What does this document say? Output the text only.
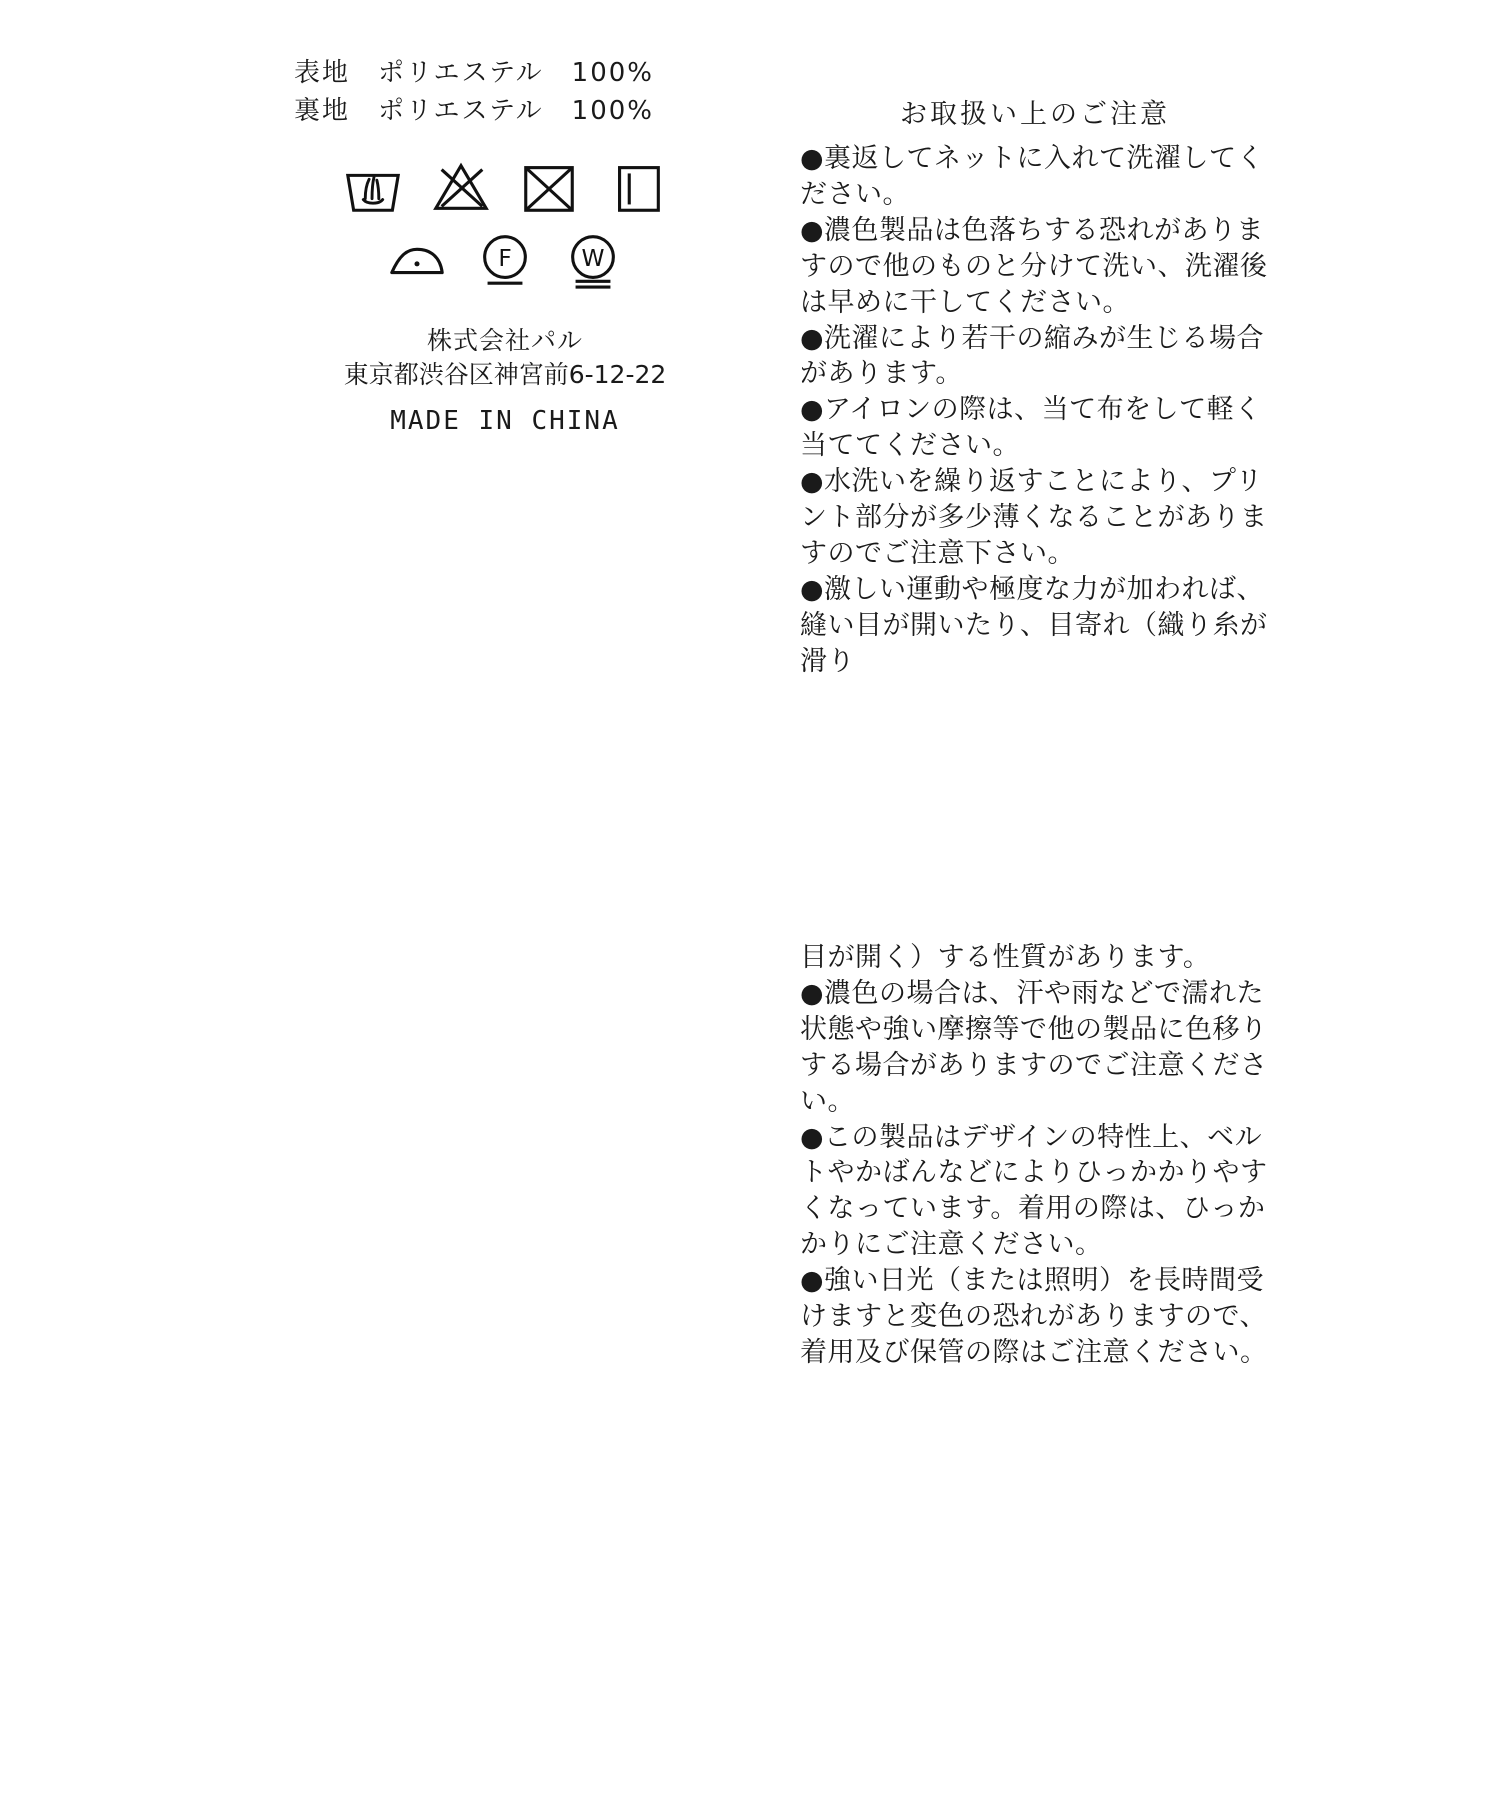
表地　ポリエステル　100%
裏地　ポリエステル　100%
F	W
株式会社パル
東京都渋谷区神宮前6-12-22
MADE IN CHINA
お取扱い上のご注意

●裏返してネットに入れて洗濯してください。

●濃色製品は色落ちする恐れがありますので他のものと分けて洗い、洗濯後は早めに干してください。

●洗濯により若干の縮みが生じる場合があります。

●アイロンの際は、当て布をして軽く当ててください。

●水洗いを繰り返すことにより、プリント部分が多少薄くなることがありますのでご注意下さい。

●激しい運動や極度な力が加われば、縫い目が開いたり、目寄れ（織り糸が滑り

目が開く）する性質があります。

●濃色の場合は、汗や雨などで濡れた状態や強い摩擦等で他の製品に色移りする場合がありますのでご注意ください。

●この製品はデザインの特性上、ベルトやかばんなどによりひっかかりやすくなっています。着用の際は、ひっかかりにご注意ください。

●強い日光（または照明）を長時間受けますと変色の恐れがありますので、着用及び保管の際はご注意ください。
